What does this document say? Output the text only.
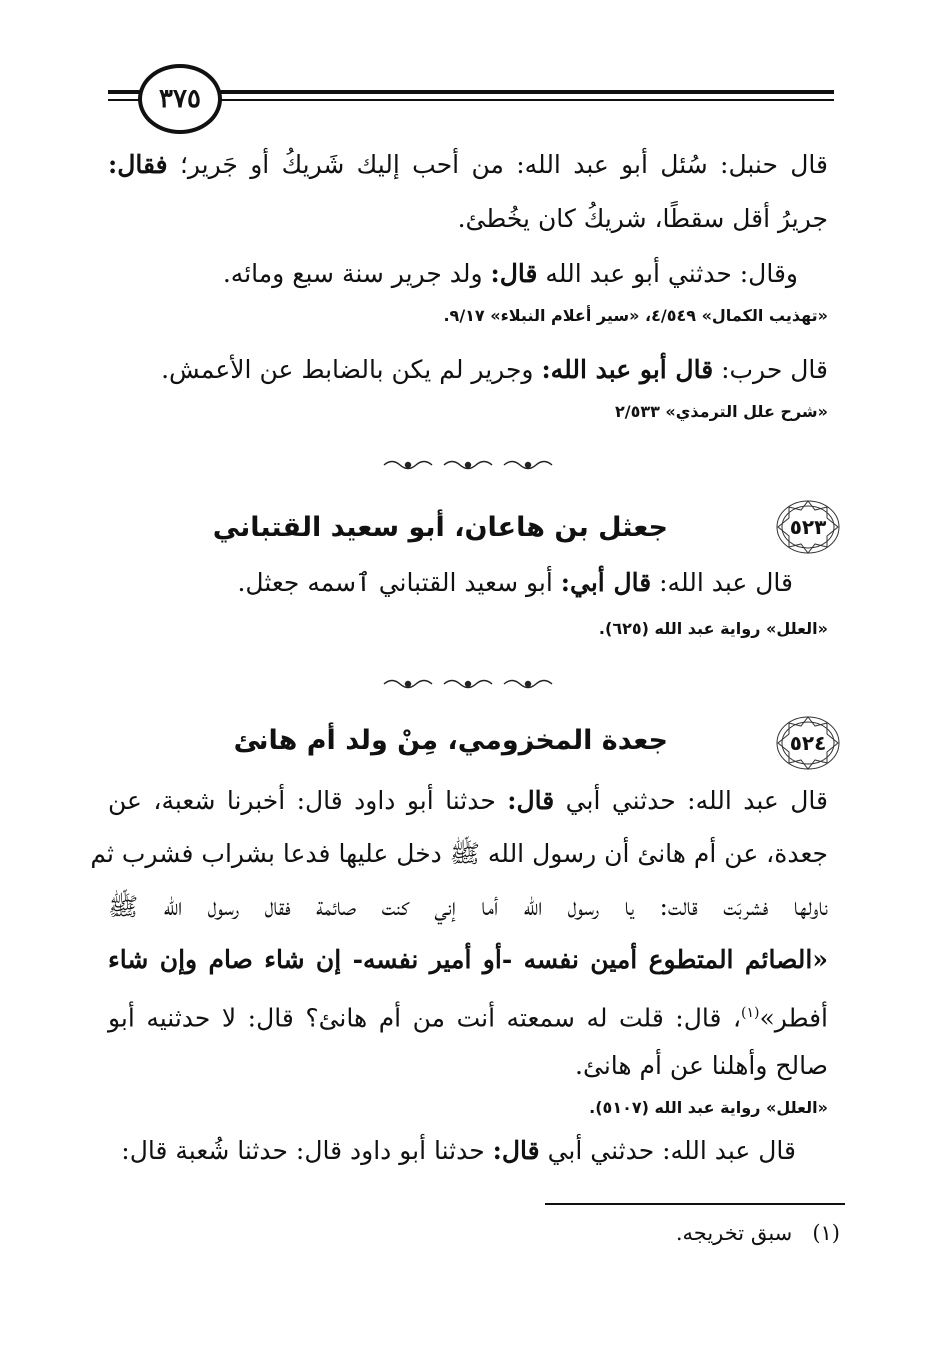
٣٧٥
قال حنبل: سُئل أبو عبد الله: من أحب إليك شَريكُ أو جَرير؛ فقال:
جريرُ أقل سقطًا، شريكُ كان يخُطئ.
وقال: حدثني أبو عبد الله قال: ولد جرير سنة سبع ومائه.
«تهذيب الكمال» ٤/٥٤٩، «سير أعلام النبلاء» ٩/١٧.
قال حرب: قال أبو عبد الله: وجرير لم يكن بالضابط عن الأعمش.
«شرح علل الترمذي» ٢/٥٣٣
٥٢٣
جعثل بن هاعان، أبو سعيد القتباني
قال عبد الله: قال أبي: أبو سعيد القتباني ٱسمه جعثل.
«العلل» رواية عبد الله (٦٢٥).
٥٢٤
جعدة المخزومي، مِنْ ولد أم هانئ
قال عبد الله: حدثني أبي قال: حدثنا أبو داود قال: أخبرنا شعبة، عن
جعدة، عن أم هانئ أن رسول الله ﷺ دخل عليها فدعا بشراب فشرب ثم
ناولها فشربَت قالت: يا رسول الله أما إني كنت صائمة فقال رسول الله ﷺ
«الصائم المتطوع أمين نفسه -أو أمير نفسه- إن شاء صام وإن شاء
أفطر»$^{(١)}$، قال: قلت له سمعته أنت من أم هانئ؟ قال: لا حدثنيه أبو
صالح وأهلنا عن أم هانئ.
«العلل» رواية عبد الله (٥١٠٧).
قال عبد الله: حدثني أبي قال: حدثنا أبو داود قال: حدثنا شُعبة قال:
(١)   سبق تخريجه.
